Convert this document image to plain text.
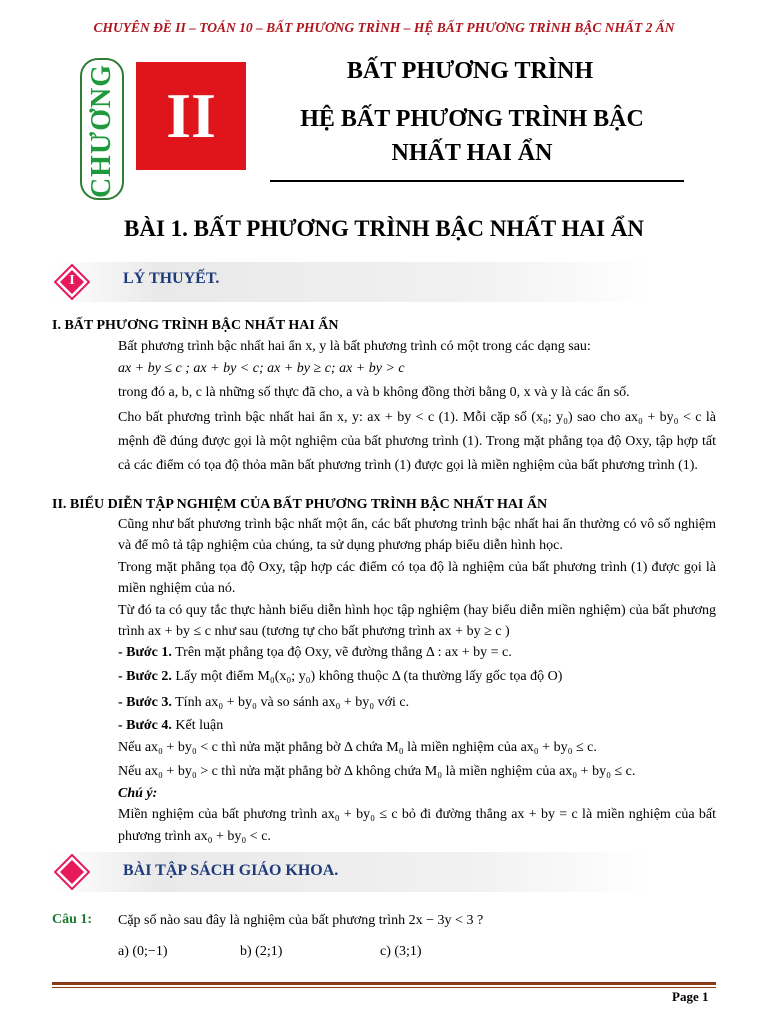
CHUYÊN ĐỀ II – TOÁN 10 – BẤT PHƯƠNG TRÌNH – HỆ BẤT PHƯƠNG TRÌNH BẬC NHẤT 2 ẨN
CHƯƠNG II
BẤT PHƯƠNG TRÌNH
HỆ BẤT PHƯƠNG TRÌNH BẬC
NHẤT HAI ẨN
BÀI 1. BẤT PHƯƠNG TRÌNH BẬC NHẤT HAI ẨN
I	LÝ THUYẾT.
I. BẤT PHƯƠNG TRÌNH BẬC NHẤT HAI ẨN
Bất phương trình bậc nhất hai ẩn x, y là bất phương trình có một trong các dạng sau:
ax + by ≤ c ; ax + by < c; ax + by ≥ c; ax + by > c
trong đó a, b, c là những số thực đã cho, a và b không đồng thời bằng 0, x và y là các ẩn số.
Cho bất phương trình bậc nhất hai ẩn x, y: ax + by < c (1). Mỗi cặp số (x₀; y₀) sao cho ax₀ + by₀ < c là mệnh đề đúng được gọi là một nghiệm của bất phương trình (1). Trong mặt phẳng tọa độ Oxy, tập hợp tất cả các điểm có tọa độ thỏa mãn bất phương trình (1) được gọi là miền nghiệm của bất phương trình (1).
II. BIỂU DIỄN TẬP NGHIỆM CỦA BẤT PHƯƠNG TRÌNH BẬC NHẤT HAI ẨN
Cũng như bất phương trình bậc nhất một ẩn, các bất phương trình bậc nhất hai ẩn thường có vô số nghiệm và để mô tả tập nghiệm của chúng, ta sử dụng phương pháp biểu diễn hình học.
Trong mặt phẳng tọa độ Oxy, tập hợp các điểm có tọa độ là nghiệm của bất phương trình (1) được gọi là miền nghiệm của nó.
Từ đó ta có quy tắc thực hành biểu diễn hình học tập nghiệm (hay biểu diễn miền nghiệm) của bất phương trình ax + by ≤ c như sau (tương tự cho bất phương trình ax + by ≥ c )
- Bước 1. Trên mặt phẳng tọa độ Oxy, vẽ đường thẳng Δ : ax + by = c.
- Bước 2. Lấy một điểm M₀(x₀; y₀) không thuộc Δ (ta thường lấy gốc tọa độ O)
- Bước 3. Tính ax₀ + by₀ và so sánh ax₀ + by₀ với c.
- Bước 4. Kết luận
Nếu ax₀ + by₀ < c thì nửa mặt phẳng bờ Δ chứa M₀ là miền nghiệm của ax₀ + by₀ ≤ c.
Nếu ax₀ + by₀ > c thì nửa mặt phẳng bờ Δ không chứa M₀ là miền nghiệm của ax₀ + by₀ ≤ c.
Chú ý:
Miền nghiệm của bất phương trình ax₀ + by₀ ≤ c bỏ đi đường thẳng ax + by = c là miền nghiệm của bất phương trình ax₀ + by₀ < c.
BÀI TẬP SÁCH GIÁO KHOA.
Câu 1: Cặp số nào sau đây là nghiệm của bất phương trình 2x − 3y < 3 ?
a) (0;−1)	b) (2;1)	c) (3;1)
Page 1
